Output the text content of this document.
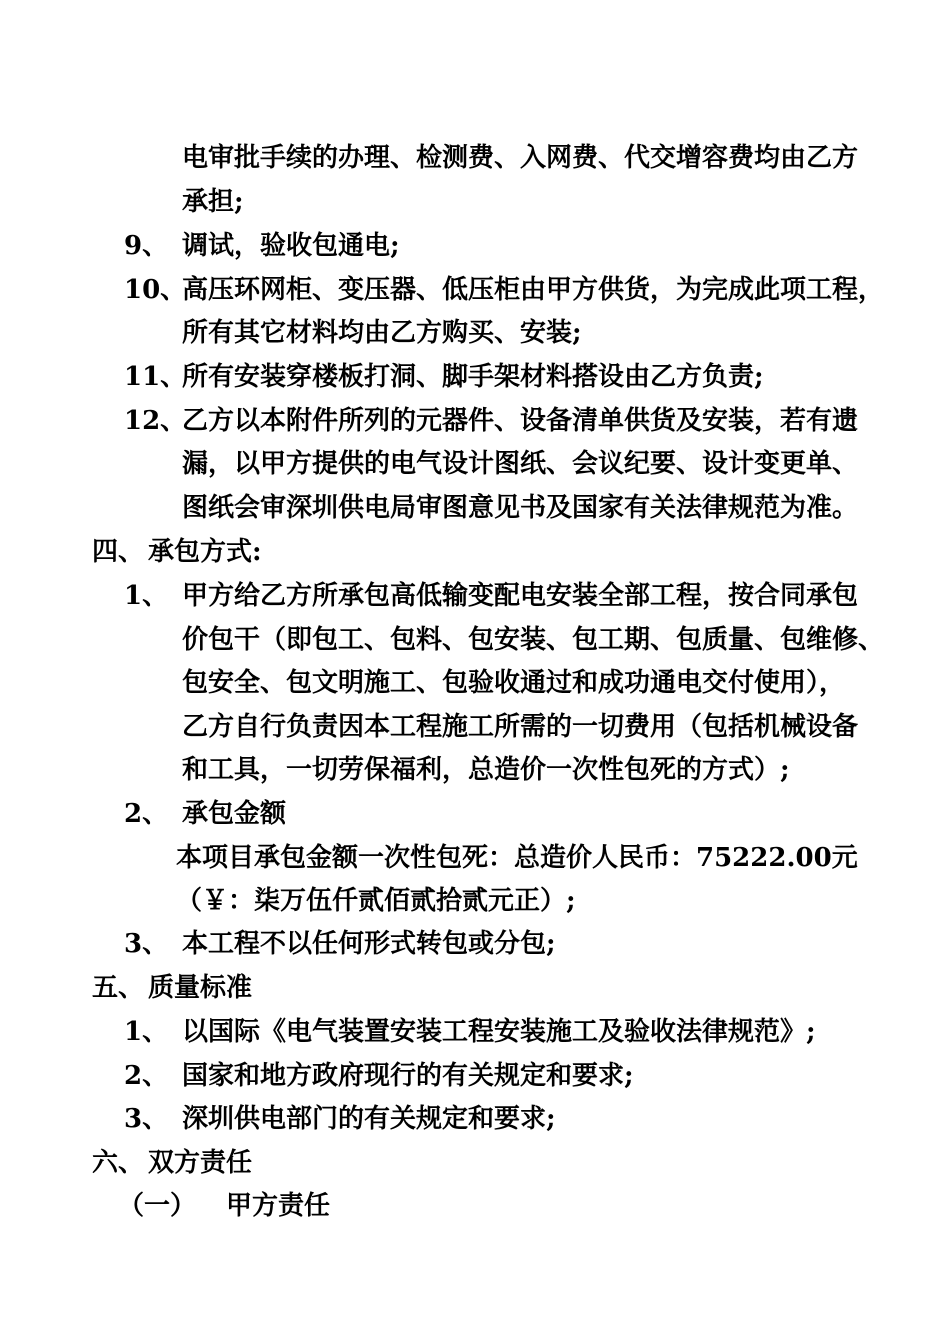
电审批手续的办理、检测费、入网费、代交增容费均由乙方
承担;
9、 调试，验收包通电;
10、
高压环网柜、变压器、低压柜由甲方供货，为完成此项工程，
所有其它材料均由乙方购买、安装;
11、
所有安装穿楼板打洞、脚手架材料搭设由乙方负责;
12、
乙方以本附件所列的元器件、设备清单供货及安装，若有遗
漏，以甲方提供的电气设计图纸、会议纪要、设计变更单、
图纸会审深圳供电局审图意见书及国家有关法律规范为准。
四、 承包方式:
1、 甲方给乙方所承包高低输变配电安装全部工程，按合同承包
价包干（即包工、包料、包安装、包工期、包质量、包维修、
包安全、包文明施工、包验收通过和成功通电交付使用），
乙方自行负责因本工程施工所需的一切费用（包括机械设备
和工具，一切劳保福利，总造价一次性包死的方式）;
2、 承包金额
本项目承包金额一次性包死：总造价人民币：75222.00元
（￥：柒万伍仟贰佰贰拾贰元正）;
3、 本工程不以任何形式转包或分包;
五、 质量标准
1、 以国际《电气装置安装工程安装施工及验收法律规范》;
2、 国家和地方政府现行的有关规定和要求;
3、 深圳供电部门的有关规定和要求;
六、 双方责任
（一） 甲方责任
